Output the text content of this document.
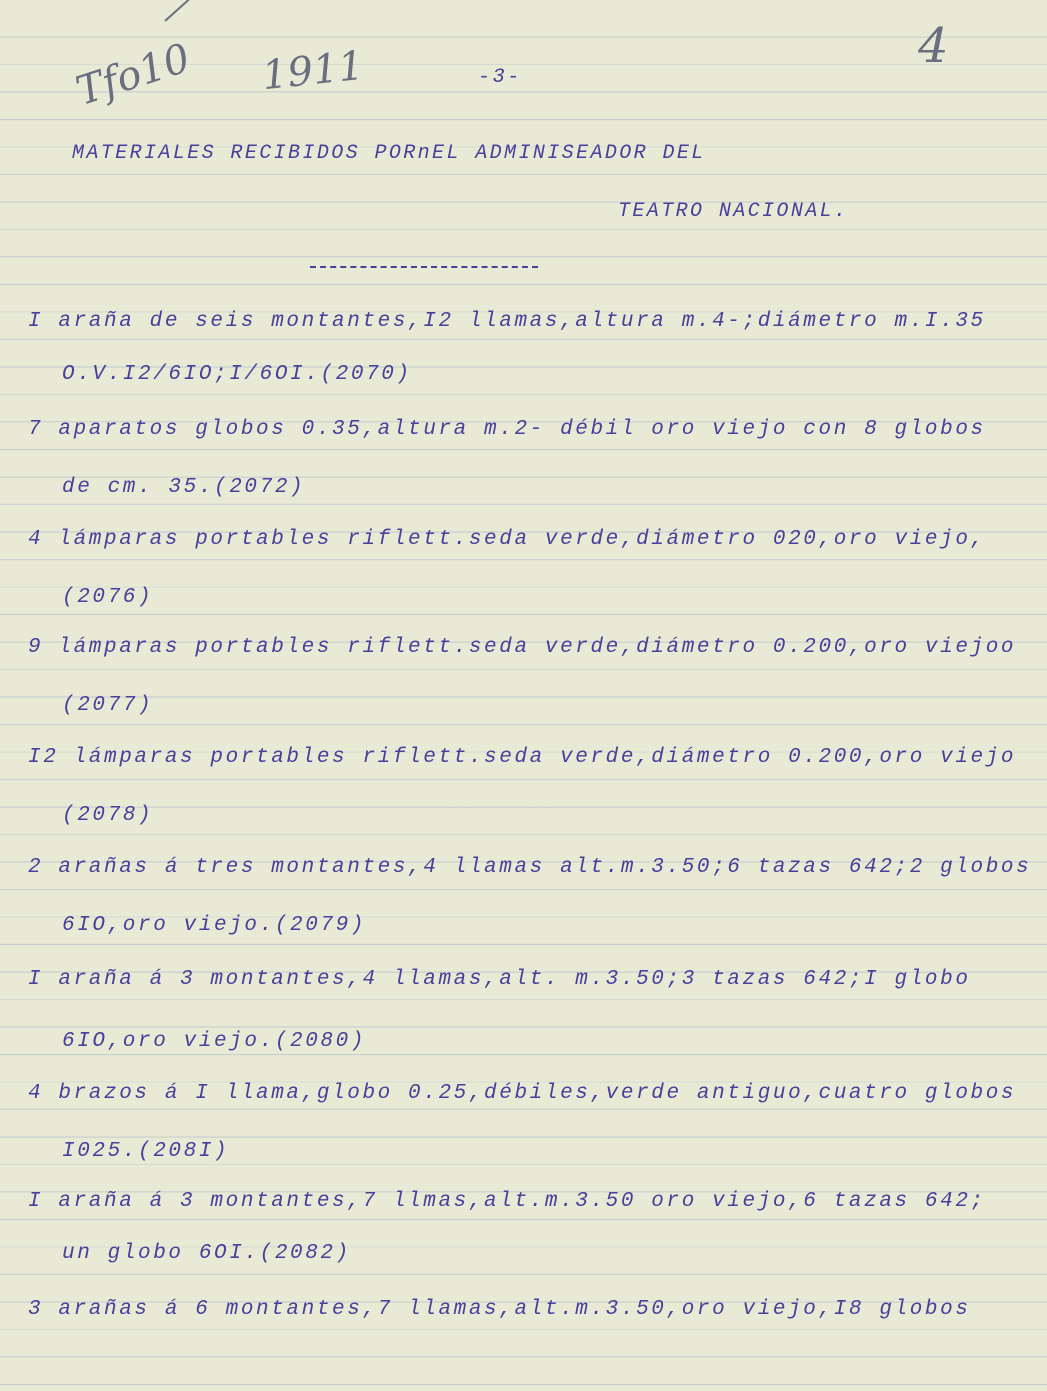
Tfo10 1911	4
-3-
MATERIALES RECIBIDOS PORnEL ADMINISEADOR DEL
TEATRO NACIONAL.
I araña de seis montantes,I2 llamas,altura m.4-;diámetro m.I.35
O.V.I2/6IO;I/6OI.(2070)
7 aparatos globos 0.35,altura m.2- débil oro viejo con 8 globos
de cm. 35.(2072)
4 lámparas portables riflett.seda verde,diámetro 020,oro viejo,
(2076)
9 lámparas portables riflett.seda verde,diámetro 0.200,oro viejoo
(2077)
I2 lámparas portables riflett.seda verde,diámetro 0.200,oro viejo
(2078)
2 arañas á tres montantes,4 llamas alt.m.3.50;6 tazas 642;2 globos
6IO,oro viejo.(2079)
I araña á 3 montantes,4 llamas,alt. m.3.50;3 tazas 642;I globo
6IO,oro viejo.(2080)
4 brazos á I llama,globo 0.25,débiles,verde antiguo,cuatro globos
I025.(208I)
I araña á 3 montantes,7 llmas,alt.m.3.50 oro viejo,6 tazas 642;
un globo 6OI.(2082)
3 arañas á 6 montantes,7 llamas,alt.m.3.50,oro viejo,I8 globos
